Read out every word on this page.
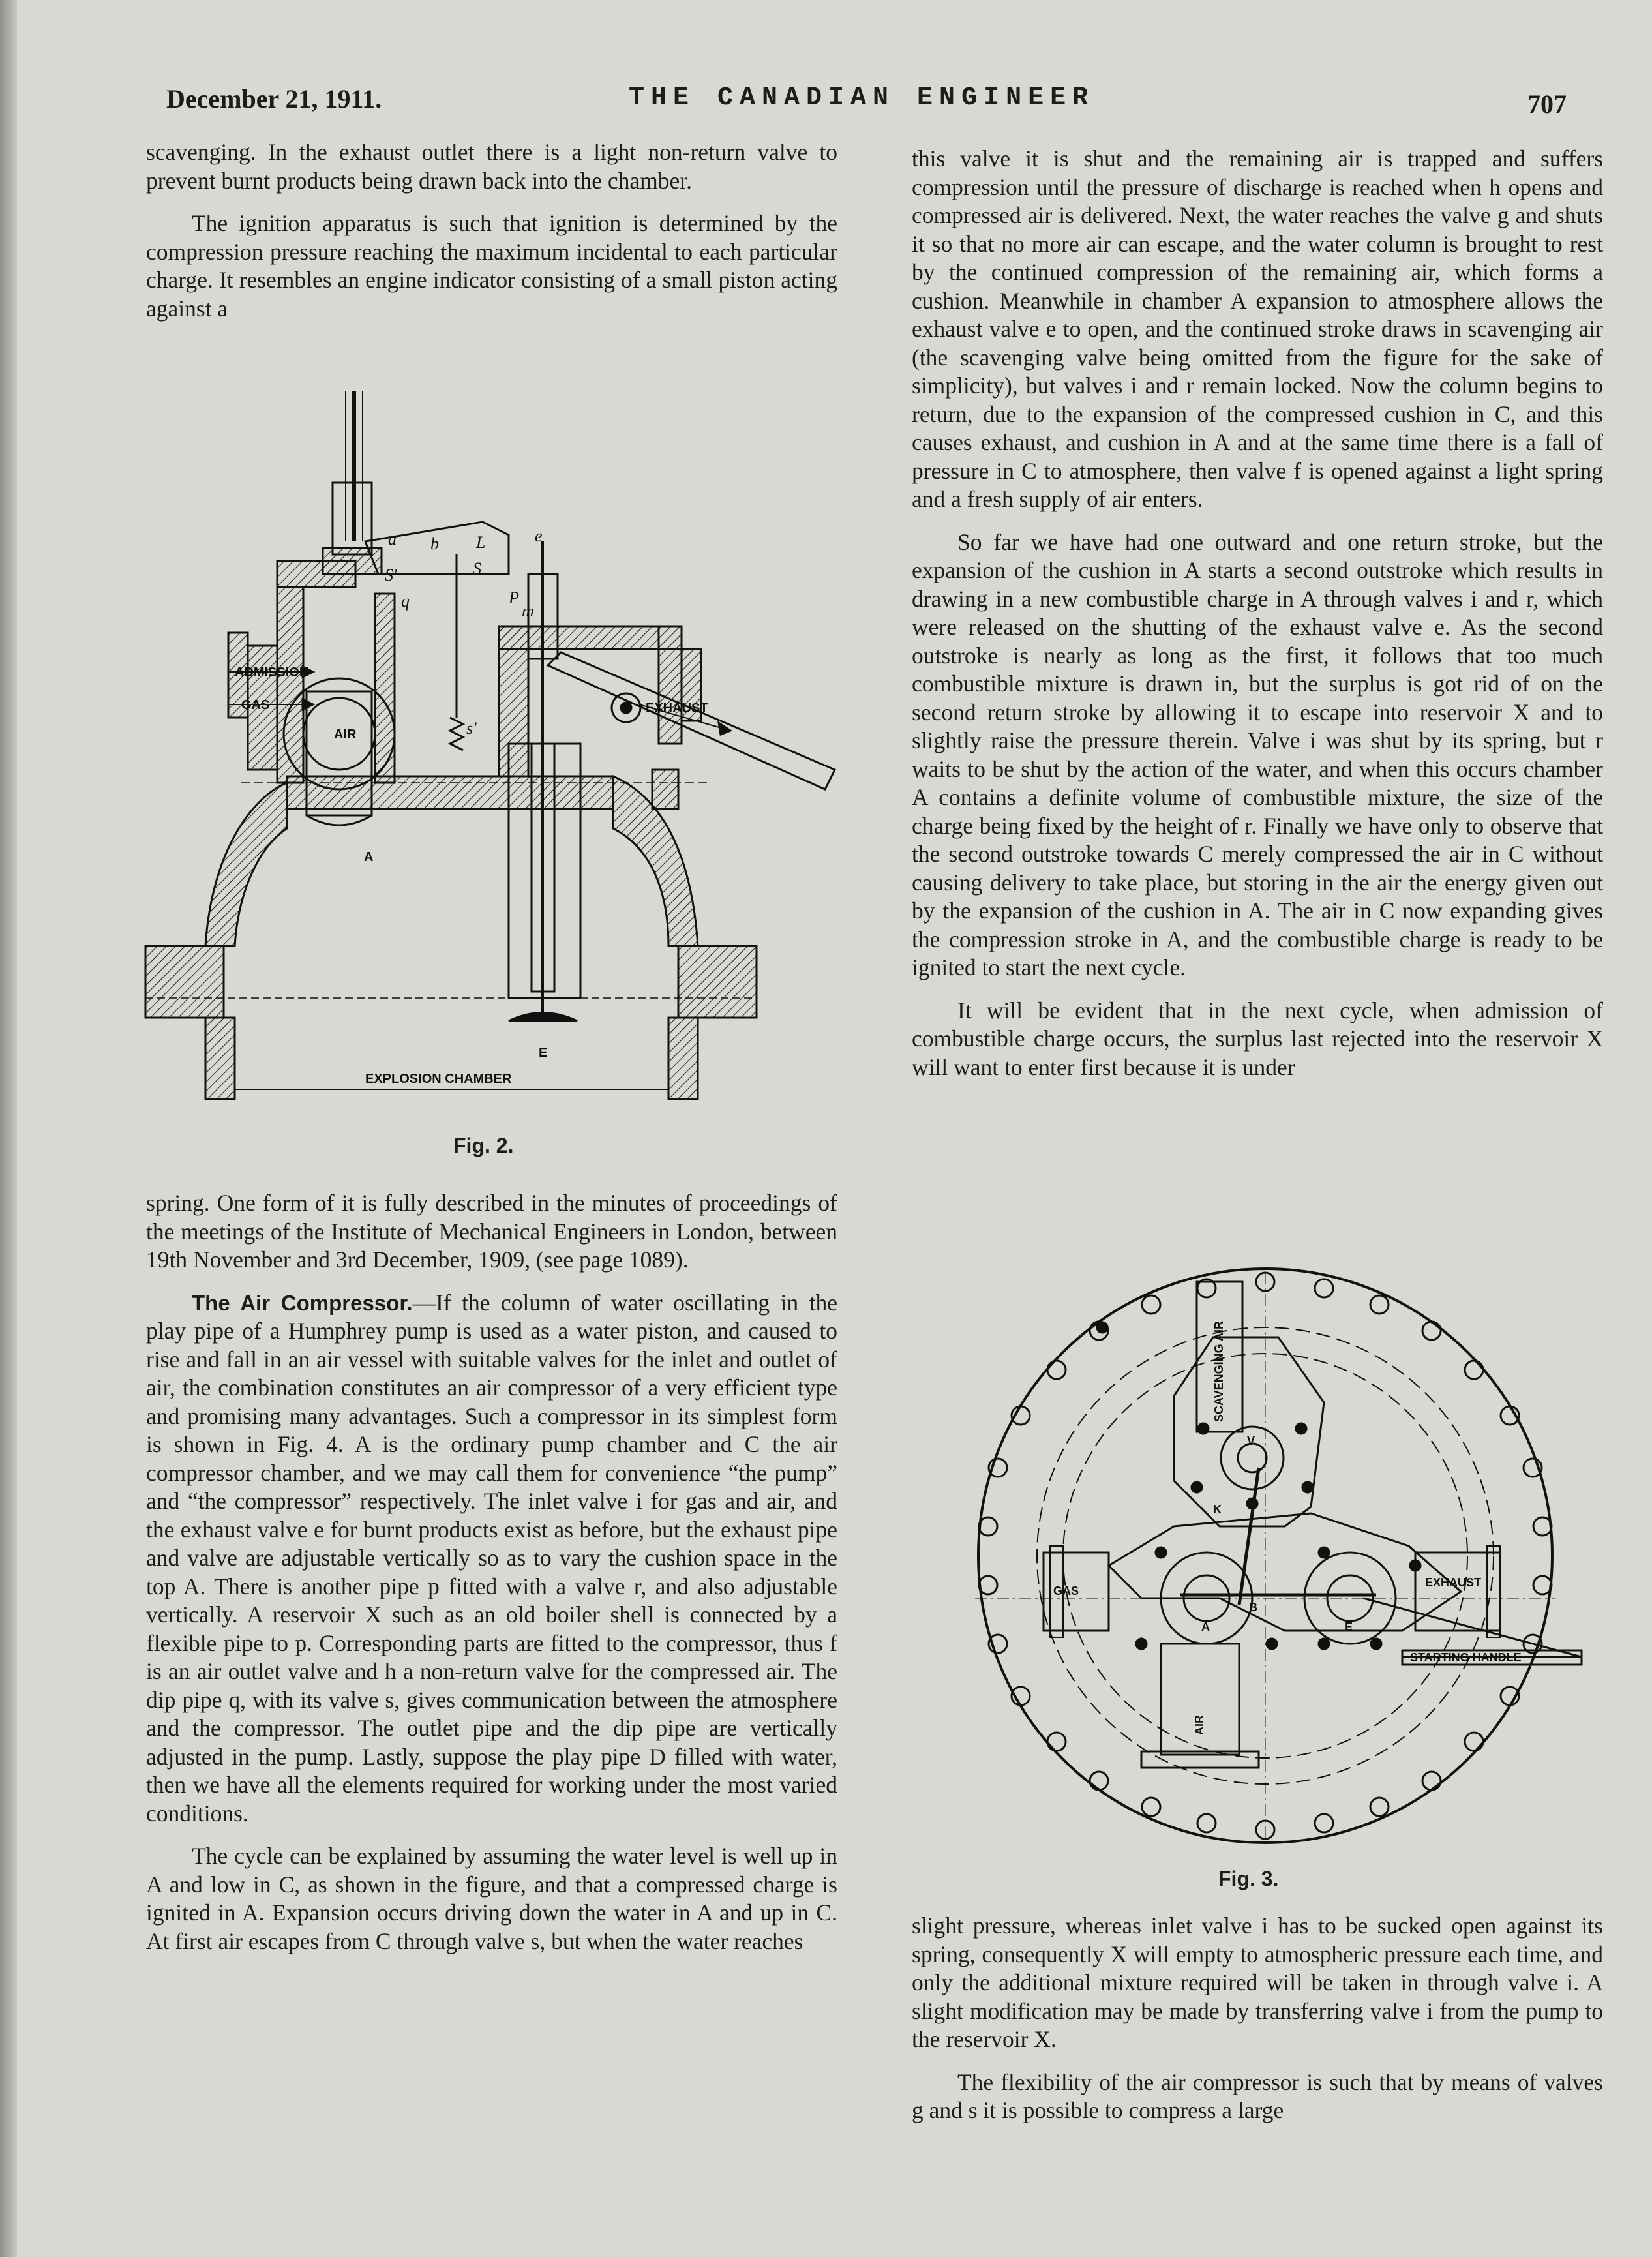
December 21, 1911.	THE CANADIAN ENGINEER	707

scavenging. In the exhaust outlet there is a light non-return valve to prevent burnt products being drawn back into the chamber.

The ignition apparatus is such that ignition is determined by the compression pressure reaching the maximum incidental to each particular charge. It resembles an engine indicator consisting of a small piston acting against a

ADMISSION
GAS
AIR
EXHAUST
A
E
EXPLOSION CHAMBER
q	P
m
S'	S
s'
L
b
a	e
Fig. 2.

spring. One form of it is fully described in the minutes of proceedings of the meetings of the Institute of Mechanical Engineers in London, between 19th November and 3rd December, 1909, (see page 1089).

The Air Compressor.—If the column of water oscillating in the play pipe of a Humphrey pump is used as a water piston, and caused to rise and fall in an air vessel with suitable valves for the inlet and outlet of air, the combination constitutes an air compressor of a very efficient type and promising many advantages. Such a compressor in its simplest form is shown in Fig. 4. A is the ordinary pump chamber and C the air compressor chamber, and we may call them for convenience “the pump” and “the compressor” respectively. The inlet valve i for gas and air, and the exhaust valve e for burnt products exist as before, but the exhaust pipe and valve are adjustable vertically so as to vary the cushion space in the top A. There is another pipe p fitted with a valve r, and also adjustable vertically. A reservoir X such as an old boiler shell is connected by a flexible pipe to p. Corresponding parts are fitted to the compressor, thus f is an air outlet valve and h a non-return valve for the compressed air. The dip pipe q, with its valve s, gives communication between the atmosphere and the compressor. The outlet pipe and the dip pipe are vertically adjusted in the pump. Lastly, suppose the play pipe D filled with water, then we have all the elements required for working under the most varied conditions.

The cycle can be explained by assuming the water level is well up in A and low in C, as shown in the figure, and that a compressed charge is ignited in A. Expansion occurs driving down the water in A and up in C. At first air escapes from C through valve s, but when the water reaches

this valve it is shut and the remaining air is trapped and suffers compression until the pressure of discharge is reached when h opens and compressed air is delivered. Next, the water reaches the valve g and shuts it so that no more air can escape, and the water column is brought to rest by the continued compression of the remaining air, which forms a cushion. Meanwhile in chamber A expansion to atmosphere allows the exhaust valve e to open, and the continued stroke draws in scavenging air (the scavenging valve being omitted from the figure for the sake of simplicity), but valves i and r remain locked. Now the column begins to return, due to the expansion of the compressed cushion in C, and this causes exhaust, and cushion in A and at the same time there is a fall of pressure in C to atmosphere, then valve f is opened against a light spring and a fresh supply of air enters.

So far we have had one outward and one return stroke, but the expansion of the cushion in A starts a second outstroke which results in drawing in a new combustible charge in A through valves i and r, which were released on the shutting of the exhaust valve e. As the second outstroke is nearly as long as the first, it follows that too much combustible mixture is drawn in, but the surplus is got rid of on the second return stroke by allowing it to escape into reservoir X and to slightly raise the pressure therein. Valve i was shut by its spring, but r waits to be shut by the action of the water, and when this occurs chamber A contains a definite volume of combustible mixture, the size of the charge being fixed by the height of r. Finally we have only to observe that the second outstroke towards C merely compressed the air in C without causing delivery to take place, but storing in the air the energy given out by the expansion of the cushion in A. The air in C now expanding gives the compression stroke in A, and the combustible charge is ready to be ignited to start the next cycle.

It will be evident that in the next cycle, when admission of combustible charge occurs, the surplus last rejected into the reservoir X will want to enter first because it is under

SCAVENGING AIR
GAS
EXHAUST
STARTING HANDLE
AIR
A	E
K
V
B
Fig. 3.

slight pressure, whereas inlet valve i has to be sucked open against its spring, consequently X will empty to atmospheric pressure each time, and only the additional mixture required will be taken in through valve i. A slight modification may be made by transferring valve i from the pump to the reservoir X.

The flexibility of the air compressor is such that by means of valves g and s it is possible to compress a large
